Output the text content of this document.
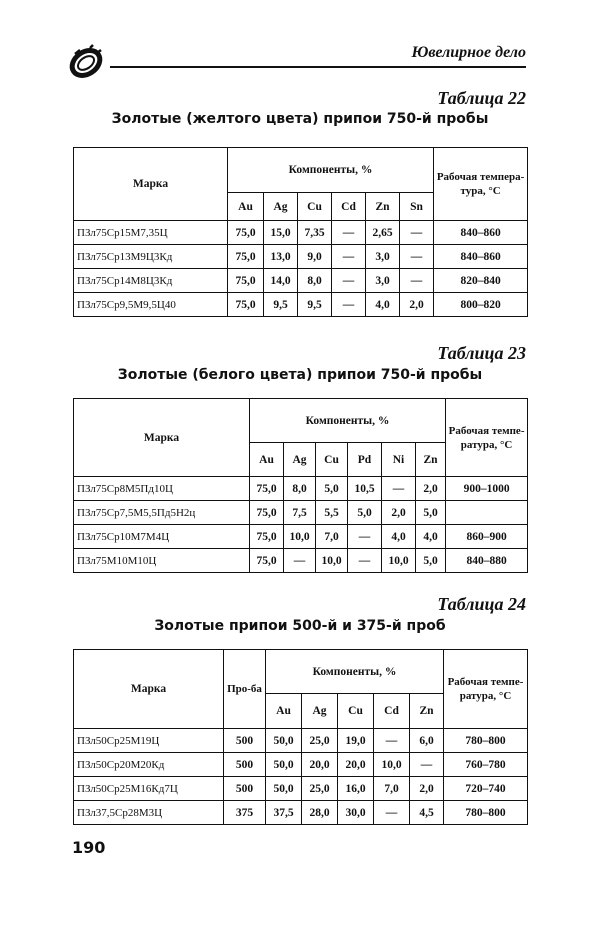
Ювелирное дело
Таблица 22
Золотые (желтого цвета) припои 750-й пробы
Марка	Компоненты, %						Рабочая темпера-тура, °С
	Au	Ag	Cu	Cd	Zn	Sn	
ПЗл75Ср15М7,35Ц	75,0	15,0	7,35	—	2,65	—	840–860
ПЗл75Ср13М9Ц3Кд	75,0	13,0	9,0	—	3,0	—	840–860
ПЗл75Ср14М8Ц3Кд	75,0	14,0	8,0	—	3,0	—	820–840
ПЗл75Ср9,5М9,5Ц40	75,0	9,5	9,5	—	4,0	2,0	800–820
Таблица 23
Золотые (белого цвета) припои 750-й пробы
Марка	Компоненты, %						Рабочая темпе-ратура, °С
	Au	Ag	Cu	Pd	Ni	Zn	
ПЗл75Ср8М5Пд10Ц	75,0	8,0	5,0	10,5	—	2,0	900–1000
ПЗл75Ср7,5М5,5Пд5Н2ц	75,0	7,5	5,5	5,0	2,0	5,0	
ПЗл75Ср10М7М4Ц	75,0	10,0	7,0	—	4,0	4,0	860–900
ПЗл75М10М10Ц	75,0	—	10,0	—	10,0	5,0	840–880
Таблица 24
Золотые припои 500-й и 375-й проб
Марка	Про-ба	Компоненты, %					Рабочая темпе-ратура, °С
		Au	Ag	Cu	Cd	Zn	
ПЗл50Ср25М19Ц	500	50,0	25,0	19,0	—	6,0	780–800
ПЗл50Ср20М20Кд	500	50,0	20,0	20,0	10,0	—	760–780
ПЗл50Ср25М16Кд7Ц	500	50,0	25,0	16,0	7,0	2,0	720–740
ПЗл37,5Ср28М3Ц	375	37,5	28,0	30,0	—	4,5	780–800
190
